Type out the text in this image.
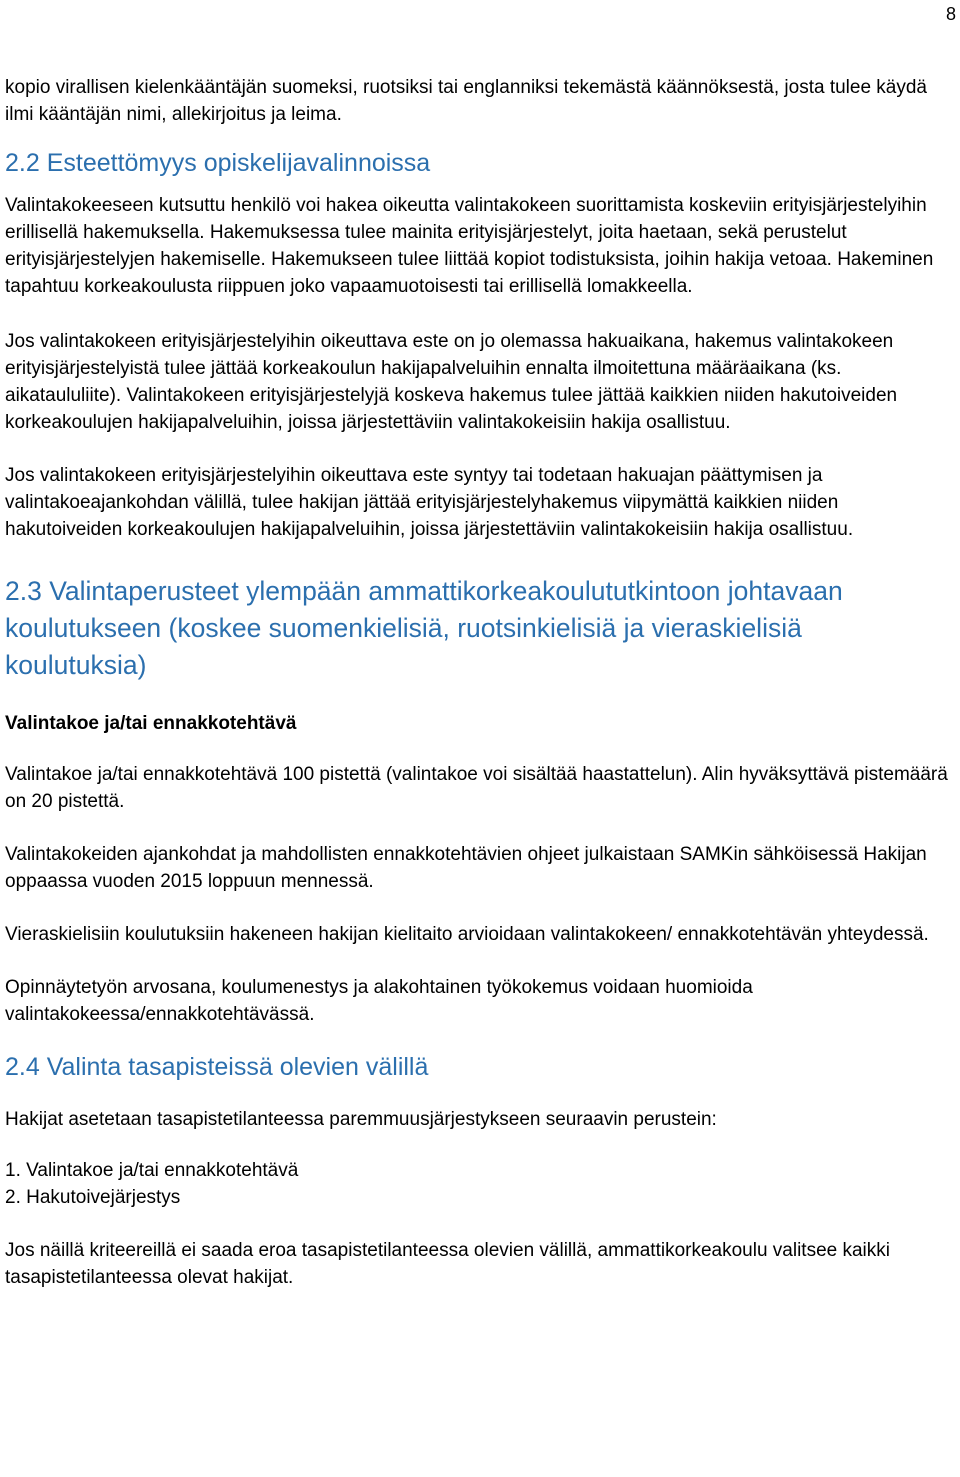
8

kopio virallisen kielenkääntäjän suomeksi, ruotsiksi tai englanniksi tekemästä käännöksestä, josta tulee käydä ilmi kääntäjän nimi, allekirjoitus ja leima.

2.2 Esteettömyys opiskelijavalinnoissa

Valintakokeeseen kutsuttu henkilö voi hakea oikeutta valintakokeen suorittamista koskeviin erityisjärjestelyihin erillisellä hakemuksella. Hakemuksessa tulee mainita erityisjärjestelyt, joita haetaan, sekä perustelut erityisjärjestelyjen hakemiselle. Hakemukseen tulee liittää kopiot todistuksista, joihin hakija vetoaa. Hakeminen tapahtuu korkeakoulusta riippuen joko vapaamuotoisesti tai erillisellä lomakkeella.

Jos valintakokeen erityisjärjestelyihin oikeuttava este on jo olemassa hakuaikana, hakemus valintakokeen erityisjärjestelyistä tulee jättää korkeakoulun hakijapalveluihin ennalta ilmoitettuna määräaikana (ks. aikataululiite). Valintakokeen erityisjärjestelyjä koskeva hakemus tulee jättää kaikkien niiden hakutoiveiden korkeakoulujen hakijapalveluihin, joissa järjestettäviin valintakokeisiin hakija osallistuu.

Jos valintakokeen erityisjärjestelyihin oikeuttava este syntyy tai todetaan hakuajan päättymisen ja valintakoeajankohdan välillä, tulee hakijan jättää erityisjärjestelyhakemus viipymättä kaikkien niiden hakutoiveiden korkeakoulujen hakijapalveluihin, joissa järjestettäviin valintakokeisiin hakija osallistuu.

2.3 Valintaperusteet ylempään ammattikorkeakoulututkintoon johtavaan koulutukseen (koskee suomenkielisiä, ruotsinkielisiä ja vieraskielisiä koulutuksia)

Valintakoe ja/tai ennakkotehtävä

Valintakoe ja/tai ennakkotehtävä 100 pistettä (valintakoe voi sisältää haastattelun). Alin hyväksyttävä pistemäärä on 20 pistettä.

Valintakokeiden ajankohdat ja mahdollisten ennakkotehtävien ohjeet julkaistaan SAMKin sähköisessä Hakijan oppaassa vuoden 2015 loppuun mennessä.

Vieraskielisiin koulutuksiin hakeneen hakijan kielitaito arvioidaan valintakokeen/ ennakkotehtävän yhteydessä.

Opinnäytetyön arvosana, koulumenestys ja alakohtainen työkokemus voidaan huomioida valintakokeessa/ennakkotehtävässä.

2.4 Valinta tasapisteissä olevien välillä

Hakijat asetetaan tasapistetilanteessa paremmuusjärjestykseen seuraavin perustein:

1. Valintakoe ja/tai ennakkotehtävä

2. Hakutoivejärjestys

Jos näillä kriteereillä ei saada eroa tasapistetilanteessa olevien välillä, ammattikorkeakoulu valitsee kaikki tasapistetilanteessa olevat hakijat.
